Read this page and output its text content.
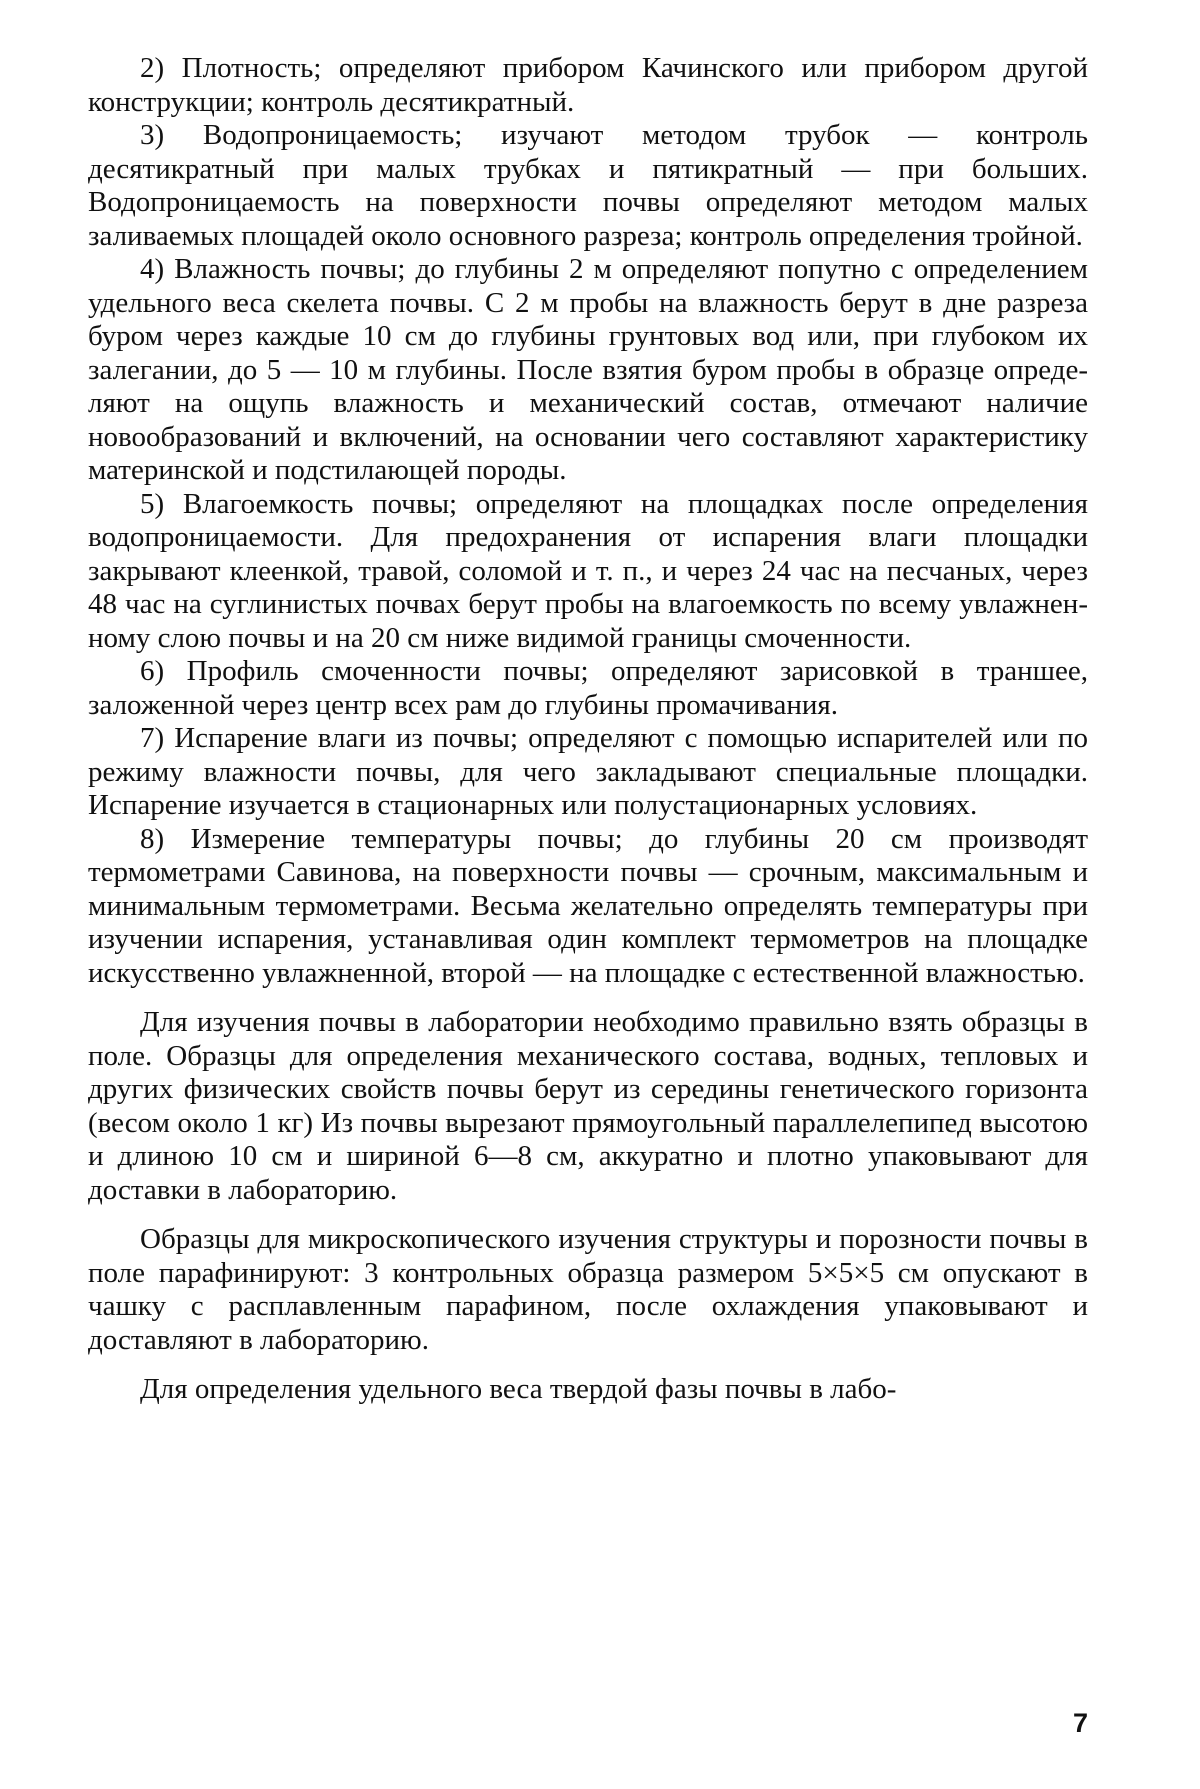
2) Плотность; определяют прибором Качинского или прибором другой конструкции; контроль десятикратный.

3) Водопроницаемость; изучают методом трубок — контроль десятикратный при малых трубках и пятикратный — при больших. Водопроницаемость на поверхности почвы определяют методом малых заливаемых площадей около основного разреза; контроль определения тройной.

4) Влажность почвы; до глубины 2 м определяют попутно с определением удельного веса скелета почвы. С 2 м пробы на влажность берут в дне разреза буром через каждые 10 см до глубины грунтовых вод или, при глубоком их залегании, до 5 — 10 м глубины. После взятия буром пробы в образце определяют на ощупь влажность и механический состав, отмечают наличие новообразований и включений, на основании чего составляют характеристику материнской и подстилающей породы.

5) Влагоемкость почвы; определяют на площадках после определения водопроницаемости. Для предохранения от испарения влаги площадки закрывают клеенкой, травой, соломой и т. п., и через 24 час на песчаных, через 48 час на суглинистых почвах берут пробы на влагоемкость по всему увлажненному слою почвы и на 20 см ниже видимой границы смоченности.

6) Профиль смоченности почвы; определяют зарисовкой в траншее, заложенной через центр всех рам до глубины промачивания.

7) Испарение влаги из почвы; определяют с помощью испарителей или по режиму влажности почвы, для чего закладывают специальные площадки. Испарение изучается в стационарных или полустационарных условиях.

8) Измерение температуры почвы; до глубины 20 см производят термометрами Савинова, на поверхности почвы — срочным, максимальным и минимальным термометрами. Весьма желательно определять температуры при изучении испарения, устанавливая один комплект термометров на площадке искусственно увлажненной, второй — на площадке с естественной влажностью.

Для изучения почвы в лаборатории необходимо правильно взять образцы в поле. Образцы для определения механического состава, водных, тепловых и других физических свойств почвы берут из середины генетического горизонта (весом около 1 кг) Из почвы вырезают прямоугольный параллелепипед высотою и длиною 10 см и шириной 6—8 см, аккуратно и плотно упаковывают для доставки в лабораторию.

Образцы для микроскопического изучения структуры и порозности почвы в поле парафинируют: 3 контрольных образца размером 5×5×5 см опускают в чашку с расплавленным парафином, после охлаждения упаковывают и доставляют в лабораторию.

Для определения удельного веса твердой фазы почвы в лабо-

7
